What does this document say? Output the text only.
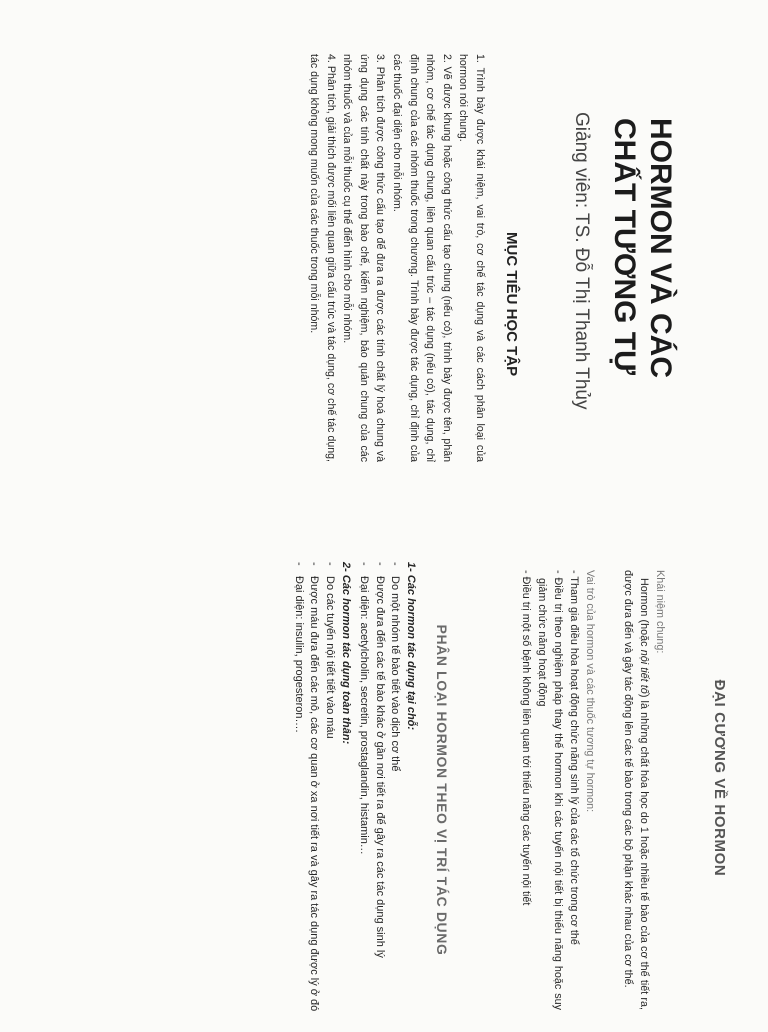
HORMON VÀ CÁC
CHẤT TƯƠNG TỰ

Giảng viên: TS. Đỗ Thị Thanh Thủy

MỤC TIÊU HỌC TẬP
1. Trình bày được khái niệm, vai trò, cơ chế tác dụng và các cách phân loại của hormon nói chung.
2. Vẽ được khung hoặc công thức cấu tạo chung (nếu có), trình bày được tên, phân nhóm, cơ chế tác dụng chung, liên quan cấu trúc – tác dụng (nếu có), tác dụng, chỉ định chung của các nhóm thuốc trong chương. Trình bày được tác dụng, chỉ định của các thuốc đại diện cho mỗi nhóm.
3. Phân tích được công thức cấu tạo để đưa ra được các tính chất lý hoá chung và ứng dụng các tính chất này trong bào chế, kiểm nghiệm, bảo quản chung của các nhóm thuốc và của mỗi thuốc cụ thể điển hình cho mỗi nhóm.
4. Phân tích, giải thích được mối liên quan giữa cấu trúc và tác dụng, cơ chế tác dụng, tác dụng không mong muốn của các thuốc trong mỗi nhóm.
ĐẠI CƯƠNG VỀ HORMON

Khái niệm chung:

Hormon (hoặc nội tiết tố) là những chất hóa học do 1 hoặc nhiều tế bào của cơ thể tiết ra, được đưa đến và gây tác động lên các tế bào trong các bộ phận khác nhau của cơ thể.

Vai trò của hormon và các thuốc tương tự hormon:

- Tham gia điều hòa hoạt động chức năng sinh lý của các tổ chức trong cơ thể
- Điều trị theo nghiệm pháp thay thế hormon khi các tuyến nội tiết bị thiểu năng hoặc suy giảm chức năng hoạt động
- Điều trị một số bệnh không liên quan tới thiểu năng các tuyến nội tiết
PHÂN LOẠI HORMON THEO VỊ TRÍ TÁC DỤNG

1- Các hormon tác dụng tại chỗ:

-
Do một nhóm tế bào tiết vào dịch cơ thể
-
Được đưa đến các tế bào khác ở gần nơi tiết ra để gây ra các tác dụng sinh lý
-
Đại diện: acetylcholin, secretin, prostaglandin, histamin…

2- Các hormon tác dụng toàn thân:

-
Do các tuyến nội tiết tiết vào máu
-
Được máu đưa đến các mô, các cơ quan ở xa nơi tiết ra và gây ra tác dụng được lý ở đó
-
Đại diện: insulin, progesteron….
